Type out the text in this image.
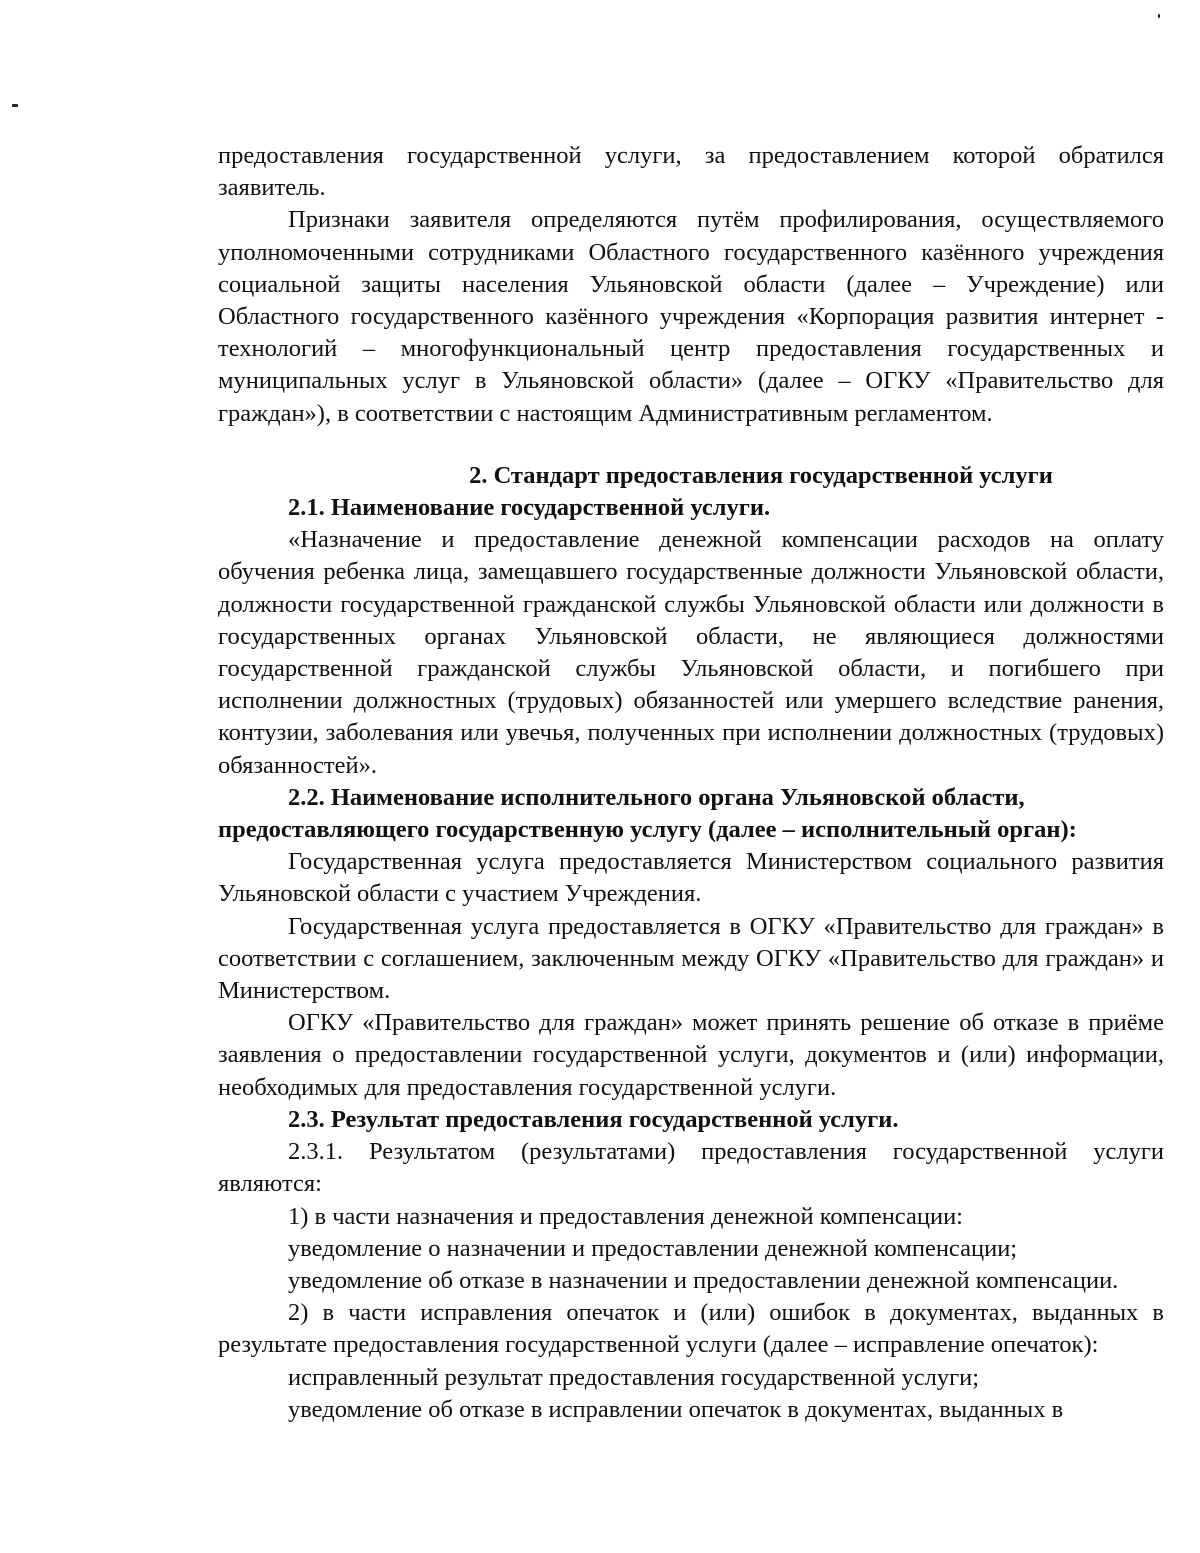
предоставления государственной услуги, за предоставлением которой обратился заявитель.

Признаки заявителя определяются путём профилирования, осуществляемого уполномоченными сотрудниками Областного государственного казённого учреждения социальной защиты населения Ульяновской области (далее – Учреждение) или Областного государственного казённого учреждения «Корпорация развития интернет - технологий – многофункциональный центр предоставления государственных и муниципальных услуг в Ульяновской области» (далее – ОГКУ «Правительство для граждан»), в соответствии с настоящим Административным регламентом.

2. Стандарт предоставления государственной услуги

2.1. Наименование государственной услуги.

«Назначение и предоставление денежной компенсации расходов на оплату обучения ребенка лица, замещавшего государственные должности Ульяновской области, должности государственной гражданской службы Ульяновской области или должности в государственных органах Ульяновской области, не являющиеся должностями государственной гражданской службы Ульяновской области, и погибшего при исполнении должностных (трудовых) обязанностей или умершего вследствие ранения, контузии, заболевания или увечья, полученных при исполнении должностных (трудовых) обязанностей».

2.2. Наименование исполнительного органа Ульяновской области, предоставляющего государственную услугу (далее – исполнительный орган):

Государственная услуга предоставляется Министерством социального развития Ульяновской области с участием Учреждения.

Государственная услуга предоставляется в ОГКУ «Правительство для граждан» в соответствии с соглашением, заключенным между ОГКУ «Правительство для граждан» и Министерством.

ОГКУ «Правительство для граждан» может принять решение об отказе в приёме заявления о предоставлении государственной услуги, документов и (или) информации, необходимых для предоставления государственной услуги.

2.3. Результат предоставления государственной услуги.

2.3.1. Результатом (результатами) предоставления государственной услуги являются:

1) в части назначения и предоставления денежной компенсации:

уведомление о назначении и предоставлении денежной компенсации;

уведомление об отказе в назначении и предоставлении денежной компенсации.

2) в части исправления опечаток и (или) ошибок в документах, выданных в результате предоставления государственной услуги (далее – исправление опечаток):

исправленный результат предоставления государственной услуги;

уведомление об отказе в исправлении опечаток в документах, выданных в
